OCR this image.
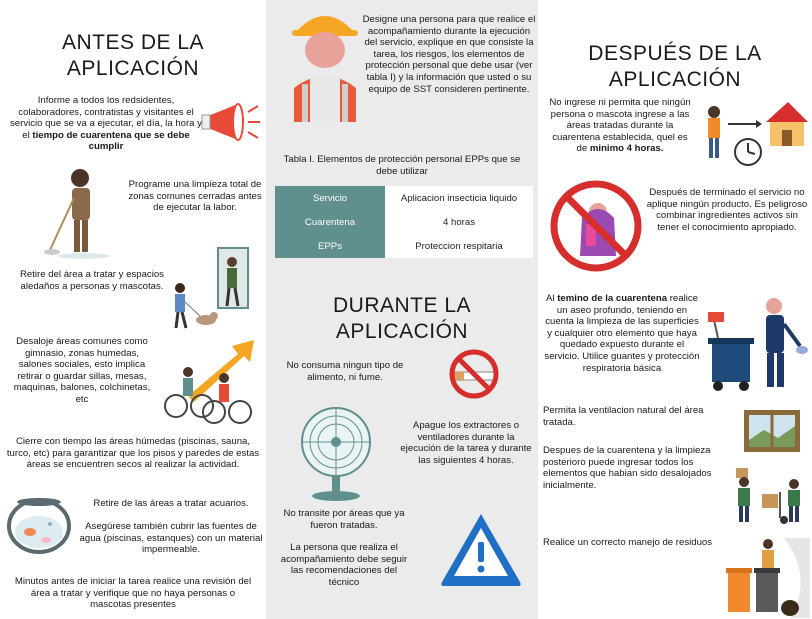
ANTES DE LA
APLICACIÓN
Informe a todos los redsidentes, colaboradores, contratistas y visitantes el servicio que se va a ejecutar, el día, la hora y el tiempo de cuarentena que se debe cumplir
Programe una limpieza total de zonas comunes cerradas antes de ejecutar la labor.
Retire del área a tratar y espacios aledaños a personas y mascotas.
Desaloje áreas comunes como gimnasio, zonas humedas, salones sociales, esto implica retirar o guardar sillas, mesas, maquinas, balones, colchinetas, etc
Cierre con tiempo las áreas húmedas (piscinas, sauna, turco, etc) para garantizar que los pisos y paredes de estas áreas se encuentren secos al realizar la actividad.
Retire de las áreas a tratar acuarios.
Asegúrese también cubrir las fuentes de agua (piscinas, estanques) con un material impermeable.
Minutos antes de iniciar la tarea realice una revisión del área a tratar y verifique que no haya personas o mascotas presentes
Designe una persona para que realice el acompañamiento durante la ejecución del servicio, explique en que consiste la tarea, los riesgos, los elementos de protección personal que debe usar (ver tabla I) y la información que usted o su equipo de SST consideren pertinente.
Tabla I. Elementos de protección personal EPPs que se debe utilizar
Servicio	Aplicacion insecticia liquido
Cuarentena	4 horas
EPPs	Proteccion respitaria
DURANTE LA
APLICACIÓN
No consuma ningun tipo de alimento, ni fume.
Apague los extractores o ventiladores durante la ejecución de la tarea y durante las siguientes 4 horas.
No transite por áreas que ya fueron tratadas.
La persona que realiza el acompañamiento debe seguir las recomendaciones del técnico
DESPUÉS DE LA
APLICACIÓN
No ingrese ni permita que ningún persona o mascota ingrese a las áreas tratadas durante la cuarentena establecida, quel es de minimo 4 horas.
Después de terminado el servicio no aplique ningún producto. Es peligroso combinar ingredientes activos sin tener el conocimiento apropiado.
Al temino de la cuarentena realice un aseo profundo, teniendo en cuenta la limpieza de las superficies y cualquier otro elemento que haya quedado expuesto durante el servicio. Utilice guantes y protección respiratoria básica
Permita la ventilacion natural del área tratada.
Despues de la cuarentena y la limpieza posterioro puede ingresar todos los elementos que habian sido desalojados inicialmente.
Realice un correcto manejo de residuos
